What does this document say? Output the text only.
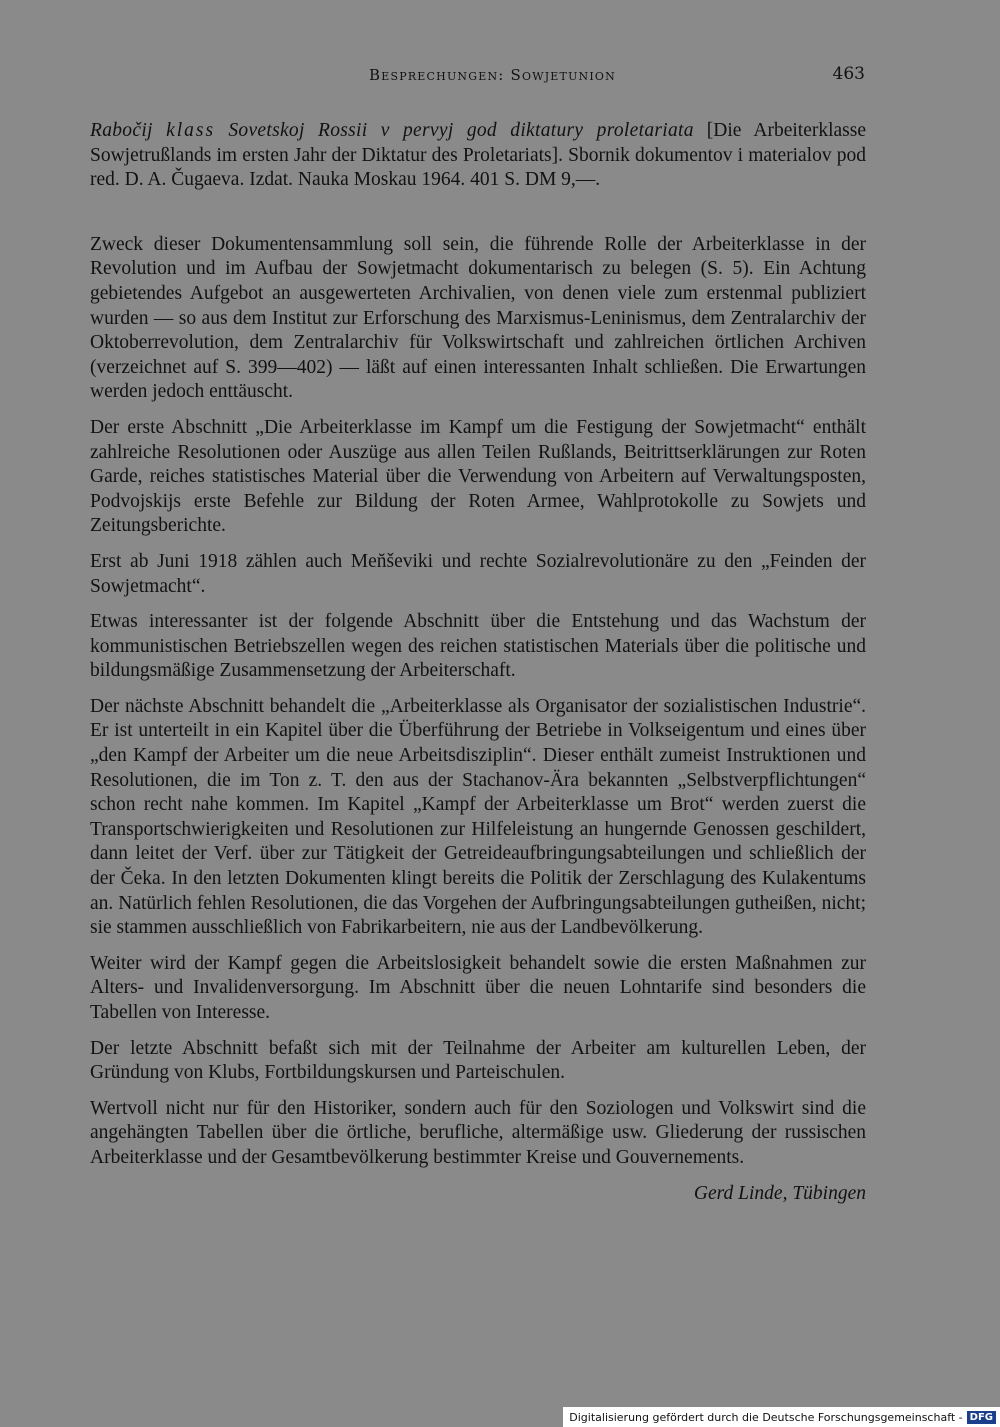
Besprechungen: Sowjetunion	463

Rabočij klass Sovetskoj Rossii v pervyj god diktatury proletariata [Die Arbeiterklasse Sowjetrußlands im ersten Jahr der Diktatur des Proletariats]. Sbornik dokumentov i materialov pod red. D. A. Čugaeva. Izdat. Nauka Moskau 1964. 401 S. DM 9,—.

Zweck dieser Dokumentensammlung soll sein, die führende Rolle der Arbeiterklasse in der Revolution und im Aufbau der Sowjetmacht dokumentarisch zu belegen (S. 5). Ein Achtung gebietendes Aufgebot an ausgewerteten Archivalien, von denen viele zum erstenmal publiziert wurden — so aus dem Institut zur Erforschung des Marxismus-Leninismus, dem Zentralarchiv der Oktoberrevolution, dem Zentralarchiv für Volkswirtschaft und zahlreichen örtlichen Archiven (verzeichnet auf S. 399—402) — läßt auf einen interessanten Inhalt schließen. Die Erwartungen werden jedoch enttäuscht.

Der erste Abschnitt „Die Arbeiterklasse im Kampf um die Festigung der Sowjetmacht“ enthält zahlreiche Resolutionen oder Auszüge aus allen Teilen Rußlands, Beitrittserklärungen zur Roten Garde, reiches statistisches Material über die Verwendung von Arbeitern auf Verwaltungsposten, Podvojskijs erste Befehle zur Bildung der Roten Armee, Wahlprotokolle zu Sowjets und Zeitungsberichte.

Erst ab Juni 1918 zählen auch Men̆ševiki und rechte Sozialrevolutionäre zu den „Feinden der Sowjetmacht“.

Etwas interessanter ist der folgende Abschnitt über die Entstehung und das Wachstum der kommunistischen Betriebszellen wegen des reichen statistischen Materials über die politische und bildungsmäßige Zusammensetzung der Arbeiterschaft.

Der nächste Abschnitt behandelt die „Arbeiterklasse als Organisator der sozialistischen Industrie“. Er ist unterteilt in ein Kapitel über die Überführung der Betriebe in Volkseigentum und eines über „den Kampf der Arbeiter um die neue Arbeitsdisziplin“. Dieser enthält zumeist Instruktionen und Resolutionen, die im Ton z. T. den aus der Stachanov-Ära bekannten „Selbstverpflichtungen“ schon recht nahe kommen. Im Kapitel „Kampf der Arbeiterklasse um Brot“ werden zuerst die Transportschwierigkeiten und Resolutionen zur Hilfeleistung an hungernde Genossen geschildert, dann leitet der Verf. über zur Tätigkeit der Getreideaufbringungsabteilungen und schließlich der der Čeka. In den letzten Dokumenten klingt bereits die Politik der Zerschlagung des Kulakentums an. Natürlich fehlen Resolutionen, die das Vorgehen der Aufbringungsabteilungen gutheißen, nicht; sie stammen ausschließlich von Fabrikarbeitern, nie aus der Landbevölkerung.

Weiter wird der Kampf gegen die Arbeitslosigkeit behandelt sowie die ersten Maßnahmen zur Alters- und Invalidenversorgung. Im Abschnitt über die neuen Lohntarife sind besonders die Tabellen von Interesse.

Der letzte Abschnitt befaßt sich mit der Teilnahme der Arbeiter am kulturellen Leben, der Gründung von Klubs, Fortbildungskursen und Parteischulen.

Wertvoll nicht nur für den Historiker, sondern auch für den Soziologen und Volkswirt sind die angehängten Tabellen über die örtliche, berufliche, altermäßige usw. Gliederung der russischen Arbeiterklasse und der Gesamtbevölkerung bestimmter Kreise und Gouvernements.

Gerd Linde, Tübingen
Digitalisierung gefördert durch die Deutsche Forschungsgemeinschaft - DFG
